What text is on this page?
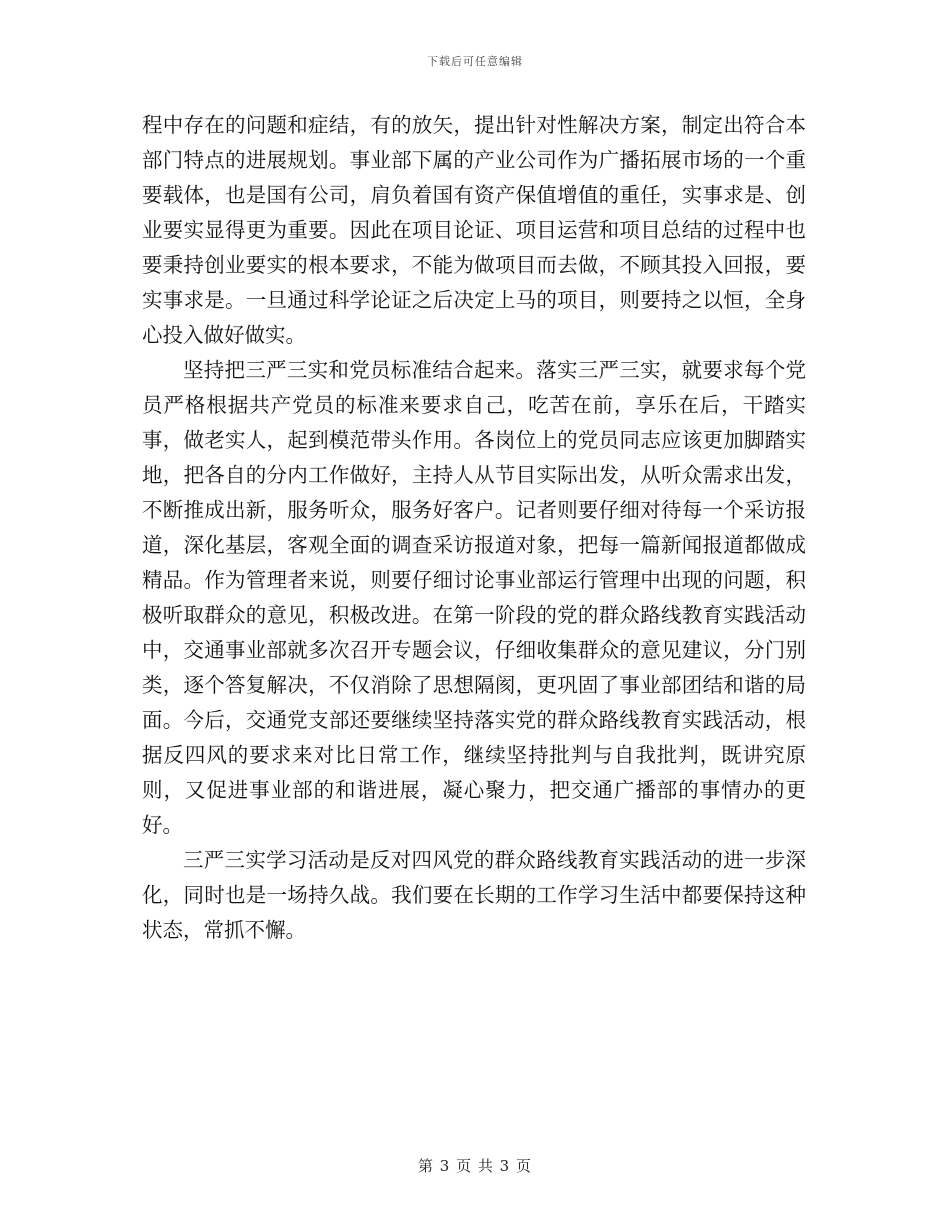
下载后可任意编辑

程中存在的问题和症结，有的放矢，提出针对性解决方案，制定出符合本部门特点的进展规划。事业部下属的产业公司作为广播拓展市场的一个重要载体，也是国有公司，肩负着国有资产保值增值的重任，实事求是、创业要实显得更为重要。因此在项目论证、项目运营和项目总结的过程中也要秉持创业要实的根本要求，不能为做项目而去做，不顾其投入回报，要实事求是。一旦通过科学论证之后决定上马的项目，则要持之以恒，全身心投入做好做实。

坚持把三严三实和党员标准结合起来。落实三严三实，就要求每个党员严格根据共产党员的标准来要求自己，吃苦在前，享乐在后，干踏实事，做老实人，起到模范带头作用。各岗位上的党员同志应该更加脚踏实地，把各自的分内工作做好，主持人从节目实际出发，从听众需求出发，不断推成出新，服务听众，服务好客户。记者则要仔细对待每一个采访报道，深化基层，客观全面的调查采访报道对象，把每一篇新闻报道都做成精品。作为管理者来说，则要仔细讨论事业部运行管理中出现的问题，积极听取群众的意见，积极改进。在第一阶段的党的群众路线教育实践活动中，交通事业部就多次召开专题会议，仔细收集群众的意见建议，分门别类，逐个答复解决，不仅消除了思想隔阂，更巩固了事业部团结和谐的局面。今后，交通党支部还要继续坚持落实党的群众路线教育实践活动，根据反四风的要求来对比日常工作，继续坚持批判与自我批判，既讲究原则，又促进事业部的和谐进展，凝心聚力，把交通广播部的事情办的更好。

三严三实学习活动是反对四风党的群众路线教育实践活动的进一步深化，同时也是一场持久战。我们要在长期的工作学习生活中都要保持这种状态，常抓不懈。

第 3 页 共 3 页
